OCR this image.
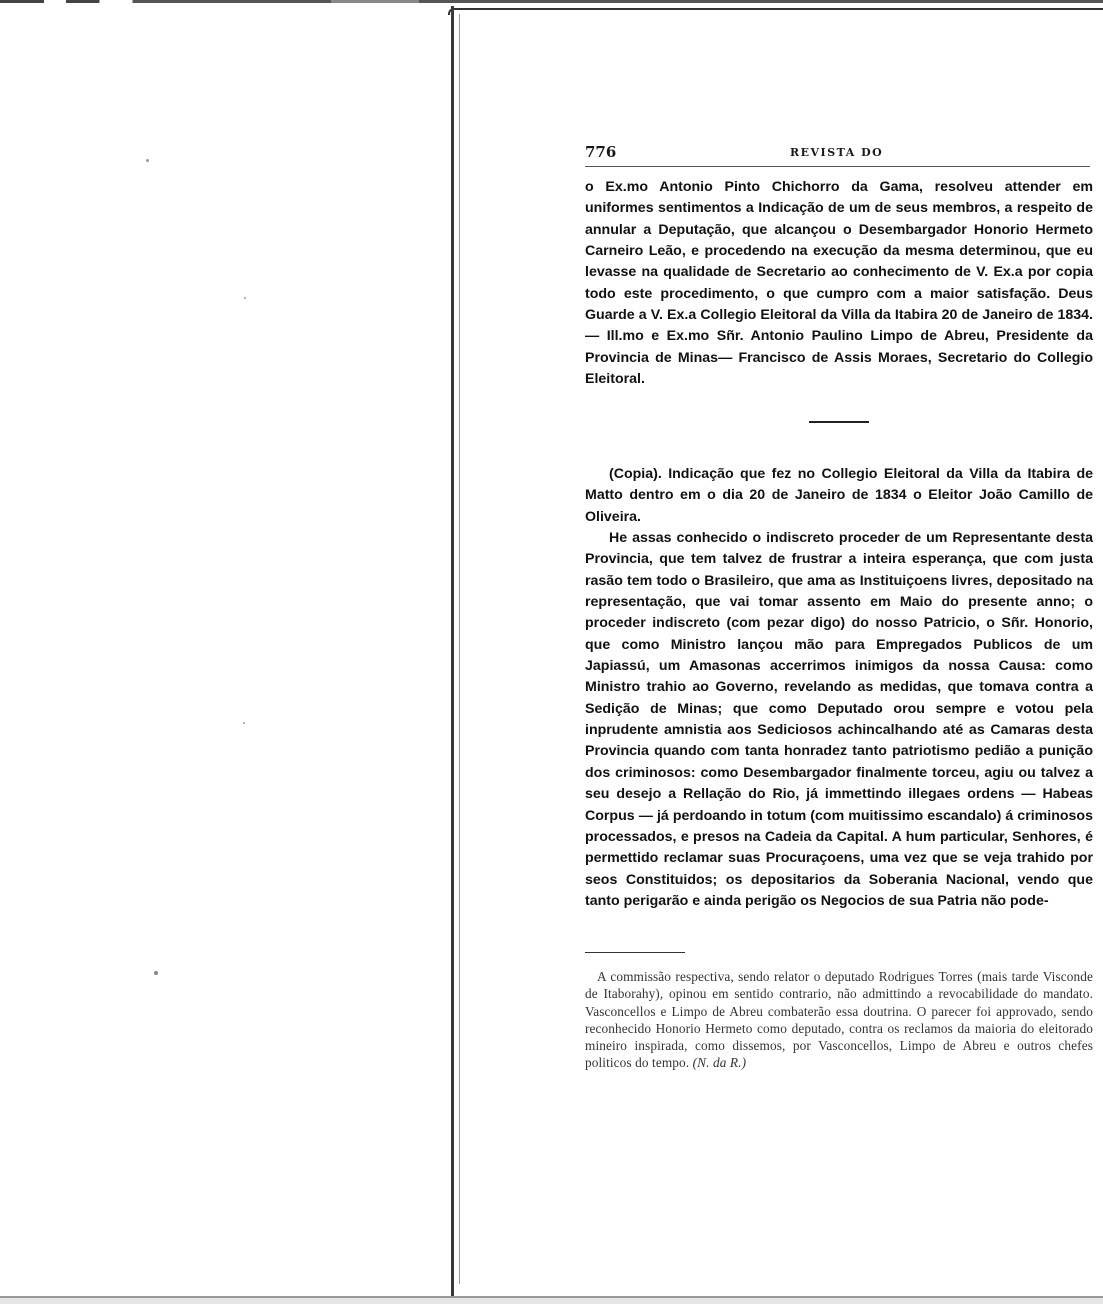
776	REVISTA DO
o Ex.mo Antonio Pinto Chichorro da Gama, resolveu attender em uniformes sentimentos a Indicação de um de seus membros, a respeito de annular a Deputação, que alcançou o Desembargador Honorio Hermeto Carneiro Leão, e procedendo na execução da mesma determinou, que eu levasse na qualidade de Secretario ao conhecimento de V. Ex.a por copia todo este procedimento, o que cumpro com a maior satisfação. Deus Guarde a V. Ex.a Collegio Eleitoral da Villa da Itabira 20 de Janeiro de 1834. — Ill.mo e Ex.mo Sñr. Antonio Paulino Limpo de Abreu, Presidente da Provincia de Minas— Francisco de Assis Moraes, Secretario do Collegio Eleitoral.

(Copia). Indicação que fez no Collegio Eleitoral da Villa da Itabira de Matto dentro em o dia 20 de Janeiro de 1834 o Eleitor João Camillo de Oliveira.

He assas conhecido o indiscreto proceder de um Representante desta Provincia, que tem talvez de frustrar a inteira esperança, que com justa rasão tem todo o Brasileiro, que ama as Instituiçoens livres, depositado na representação, que vai tomar assento em Maio do presente anno; o proceder indiscreto (com pezar digo) do nosso Patricio, o Sñr. Honorio, que como Ministro lançou mão para Empregados Publicos de um Japiassú, um Amasonas accerrimos inimigos da nossa Causa: como Ministro trahio ao Governo, revelando as medidas, que tomava contra a Sedição de Minas; que como Deputado orou sempre e votou pela inprudente amnistia aos Sediciosos achincalhando até as Camaras desta Provincia quando com tanta honradez tanto patriotismo pedião a punição dos criminosos: como Desembargador finalmente torceu, agiu ou talvez a seu desejo a Rellação do Rio, já immettindo illegaes ordens — Habeas Corpus — já perdoando in totum (com muitissimo escandalo) á criminosos processados, e presos na Cadeia da Capital. A hum particular, Senhores, é permettido reclamar suas Procuraçoens, uma vez que se veja trahido por seos Constituidos; os depositarios da Soberania Nacional, vendo que tanto perigarão e ainda perigão os Negocios de sua Patria não pode-

A commissão respectiva, sendo relator o deputado Rodrigues Torres (mais tarde Visconde de Itaborahy), opinou em sentido contrario, não admittindo a revocabilidade do mandato. Vasconcellos e Limpo de Abreu combaterão essa doutrina. O parecer foi approvado, sendo reconhecido Honorio Hermeto como deputado, contra os reclamos da maioria do eleitorado mineiro inspirada, como dissemos, por Vasconcellos, Limpo de Abreu e outros chefes politicos do tempo. (N. da R.)
